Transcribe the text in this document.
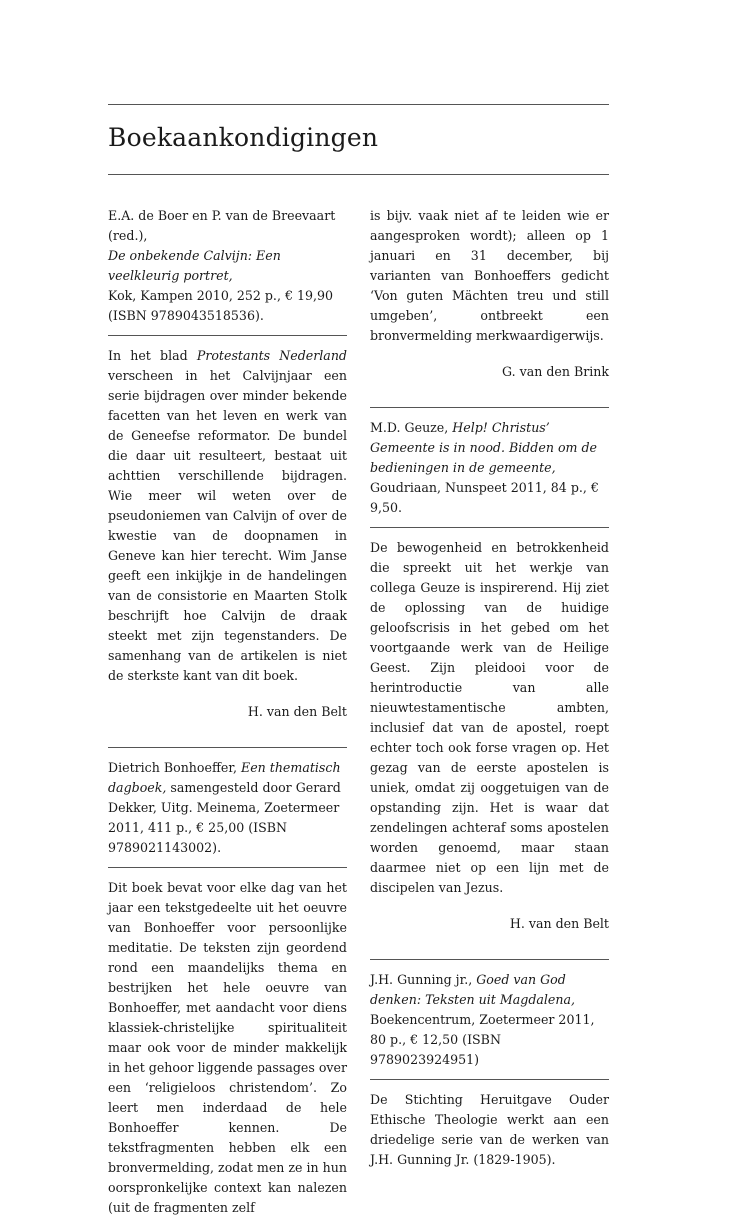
Boekaankondigingen

E.A. de Boer en P. van de Breevaart (red.),
De onbekende Calvijn: Een veelkleurig portret,
Kok, Kampen 2010, 252 p., € 19,90
(ISBN 9789043518536).

In het blad Protestants Nederland verscheen in het Calvijnjaar een serie bijdragen over minder bekende facetten van het leven en werk van de Geneefse reformator. De bundel die daar uit resulteert, bestaat uit achttien verschillende bijdragen. Wie meer wil weten over de pseudoniemen van Calvijn of over de kwestie van de doopnamen in Geneve kan hier terecht. Wim Janse geeft een inkijkje in de handelingen van de consistorie en Maarten Stolk beschrijft hoe Calvijn de draak steekt met zijn tegenstanders. De samenhang van de artikelen is niet de sterkste kant van dit boek.

H. van den Belt

Dietrich Bonhoeffer, Een thematisch dagboek, samengesteld door Gerard Dekker, Uitg. Meinema, Zoetermeer 2011, 411 p., € 25,00 (ISBN 9789021143002).

Dit boek bevat voor elke dag van het jaar een tekstgedeelte uit het oeuvre van Bonhoeffer voor persoonlijke meditatie. De teksten zijn geordend rond een maandelijks thema en bestrijken het hele oeuvre van Bonhoeffer, met aandacht voor diens klassiek-christelijke spiritualiteit maar ook voor de minder makkelijk in het gehoor liggende passages over een ‘religieloos christendom’. Zo leert men inderdaad de hele Bonhoeffer kennen. De tekstfragmenten hebben elk een bronvermelding, zodat men ze in hun oorspronkelijke context kan nalezen (uit de fragmenten zelf

is bijv. vaak niet af te leiden wie er aangesproken wordt); alleen op 1 januari en 31 december, bij varianten van Bonhoeffers gedicht ‘Von guten Mächten treu und still umgeben’, ontbreekt een bronvermelding merkwaardigerwijs.

G. van den Brink

M.D. Geuze, Help! Christus’ Gemeente is in nood. Bidden om de bedieningen in de gemeente, Goudriaan, Nunspeet 2011, 84 p., € 9,50.

De bewogenheid en betrokkenheid die spreekt uit het werkje van collega Geuze is inspirerend. Hij ziet de oplossing van de huidige geloofscrisis in het gebed om het voortgaande werk van de Heilige Geest. Zijn pleidooi voor de herintroductie van alle nieuwtestamentische ambten, inclusief dat van de apostel, roept echter toch ook forse vragen op. Het gezag van de eerste apostelen is uniek, omdat zij ooggetuigen van de opstanding zijn. Het is waar dat zendelingen achteraf soms apostelen worden genoemd, maar staan daarmee niet op een lijn met de discipelen van Jezus.

H. van den Belt

J.H. Gunning jr., Goed van God denken: Teksten uit Magdalena, Boekencentrum, Zoetermeer 2011, 80 p., € 12,50 (ISBN 9789023924951)

De Stichting Heruitgave Ouder Ethische Theologie werkt aan een driedelige serie van de werken van J.H. Gunning Jr. (1829-1905).
